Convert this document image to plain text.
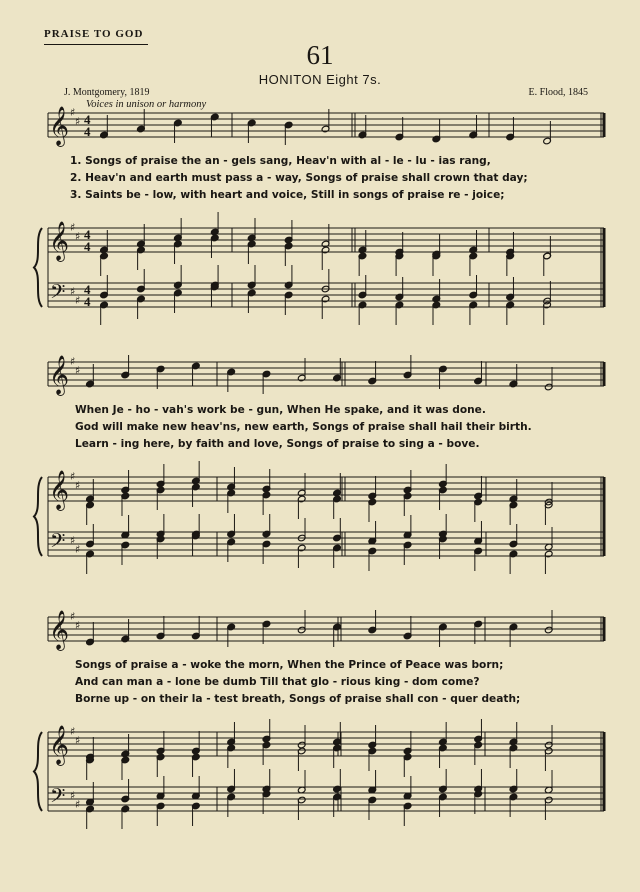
PRAISE TO GOD
61
HONITON Eight 7s.
J. Montgomery, 1819	E. Flood, 1845
Voices in unison or harmony
1. Songs of praise the an - gels sang, Heav'n with al - le - lu - ias rang,
2. Heav'n and earth must pass a - way, Songs of praise shall crown that day;
3. Saints be - low, with heart and voice, Still in songs of praise re - joice;
When Je - ho - vah's work be - gun, When He spake, and it was done.
God will make new heav'ns, new earth, Songs of praise shall hail their birth.
Learn - ing here, by faith and love, Songs of praise to sing a - bove.
Songs of praise a - woke the morn, When the Prince of Peace was born;
And can man a - lone be dumb Till that glo - rious king - dom come?
Borne up - on their la - test breath, Songs of praise shall con - quer death;
𝄞 ♯
♯ 4
4
𝄞
𝄢
♯
♯
♯
♯
4
4
4
4
𝄞 ♯
♯
𝄞
𝄢
♯
♯
♯
♯
𝄞 ♯
♯
𝄞
𝄢
♯
♯
♯
♯
